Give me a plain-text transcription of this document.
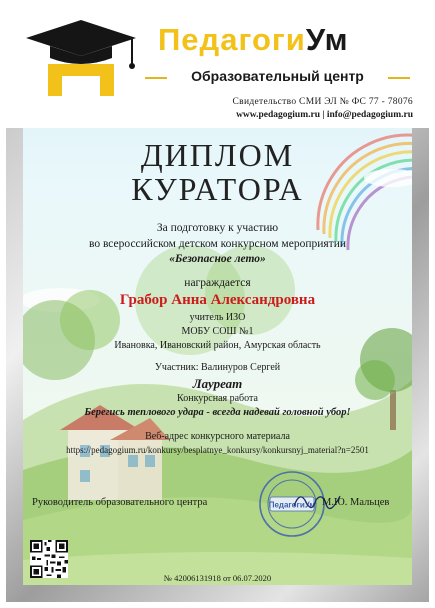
ПедагогиУм
Образовательный центр
Свидетельство СМИ ЭЛ № ФС 77 - 78076
www.pedagogium.ru | info@pedagogium.ru
ДИПЛОМ
КУРАТОРА
За подготовку к участию
во всероссийском детском конкурсном мероприятии
«Безопасное лето»
награждается
Грабор Анна Александровна
учитель ИЗО
МОБУ СОШ №1
Ивановка, Ивановский район, Амурская область
Участник: Валинуров Сергей
Лауреат
Конкурсная работа
Берегись теплового удара - всегда надевай головной убор!
Веб-адрес конкурсного материала
https://pedagogium.ru/konkursy/besplatnye_konkursy/konkursnyj_material?n=2501
ПедагогиУм
Руководитель образовательного центра	М.Ю. Мальцев
№ 42006131918 от 06.07.2020
